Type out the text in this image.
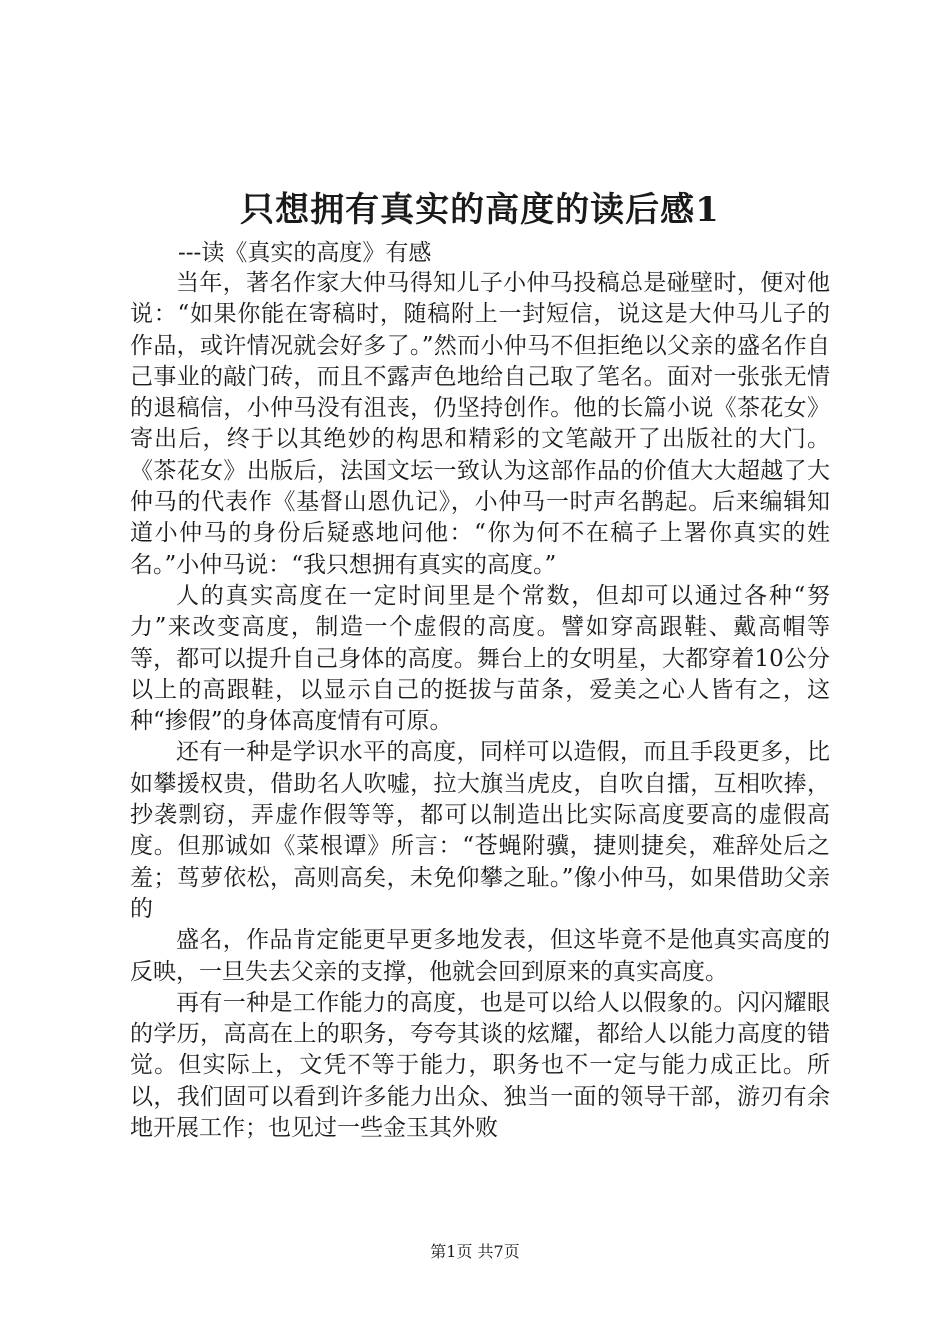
只想拥有真实的高度的读后感1
---读《真实的高度》有感

当年，著名作家大仲马得知儿子小仲马投稿总是碰壁时，便对他说：“如果你能在寄稿时，随稿附上一封短信，说这是大仲马儿子的作品，或许情况就会好多了。”然而小仲马不但拒绝以父亲的盛名作自己事业的敲门砖，而且不露声色地给自己取了笔名。面对一张张无情的退稿信，小仲马没有沮丧，仍坚持创作。他的长篇小说《茶花女》寄出后，终于以其绝妙的构思和精彩的文笔敲开了出版社的大门。《茶花女》出版后，法国文坛一致认为这部作品的价值大大超越了大仲马的代表作《基督山恩仇记》，小仲马一时声名鹊起。后来编辑知道小仲马的身份后疑惑地问他：“你为何不在稿子上署你真实的姓名。”小仲马说：“我只想拥有真实的高度。”

人的真实高度在一定时间里是个常数，但却可以通过各种“努力”来改变高度，制造一个虚假的高度。譬如穿高跟鞋、戴高帽等等，都可以提升自己身体的高度。舞台上的女明星，大都穿着10公分以上的高跟鞋，以显示自己的挺拔与苗条，爱美之心人皆有之，这种“掺假”的身体高度情有可原。

还有一种是学识水平的高度，同样可以造假，而且手段更多，比如攀援权贵，借助名人吹嘘，拉大旗当虎皮，自吹自擂，互相吹捧，抄袭剽窃，弄虚作假等等，都可以制造出比实际高度要高的虚假高度。但那诚如《菜根谭》所言：“苍蝇附骥，捷则捷矣，难辞处后之羞；茑萝依松，高则高矣，未免仰攀之耻。”像小仲马，如果借助父亲的

盛名，作品肯定能更早更多地发表，但这毕竟不是他真实高度的反映，一旦失去父亲的支撑，他就会回到原来的真实高度。

再有一种是工作能力的高度，也是可以给人以假象的。闪闪耀眼的学历，高高在上的职务，夸夸其谈的炫耀，都给人以能力高度的错觉。但实际上，文凭不等于能力，职务也不一定与能力成正比。所以，我们固可以看到许多能力出众、独当一面的领导干部，游刃有余地开展工作；也见过一些金玉其外败

第1页 共7页
